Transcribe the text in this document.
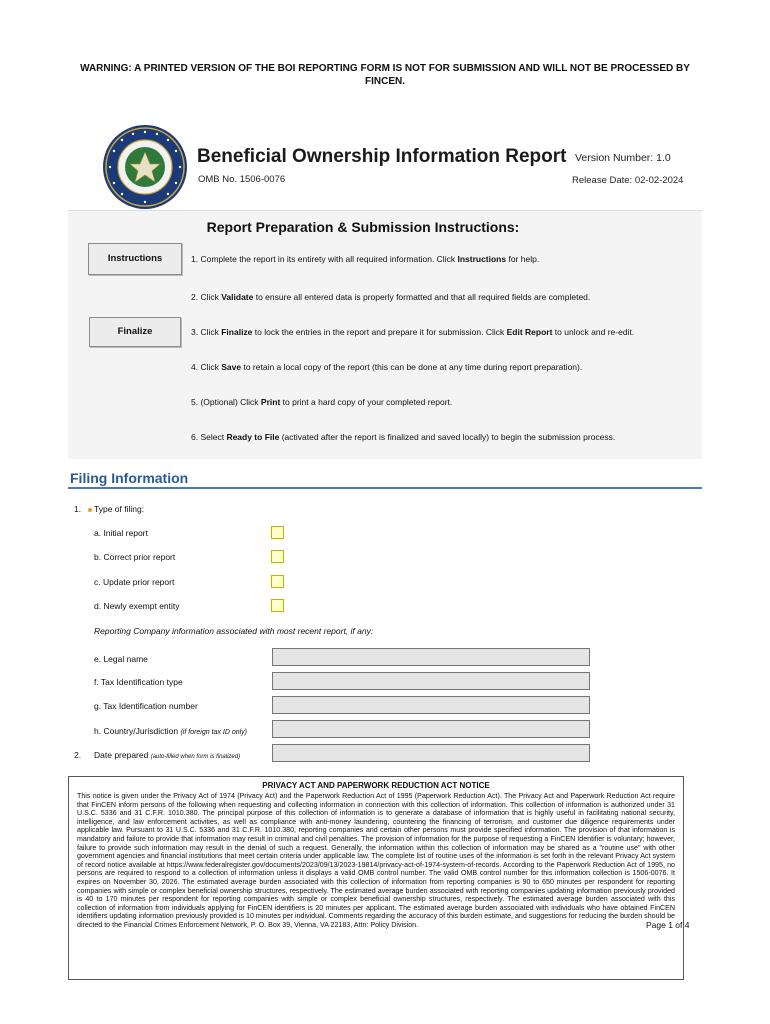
WARNING: A PRINTED VERSION OF THE BOI REPORTING FORM IS NOT FOR SUBMISSION AND WILL NOT BE PROCESSED BY FINCEN.
Beneficial Ownership Information Report
OMB No. 1506-0076
Version Number: 1.0
Release Date: 02-02-2024
Report Preparation & Submission Instructions:
Instructions
Finalize
1. Complete the report in its entirety with all required information. Click Instructions for help.
2. Click Validate to ensure all entered data is properly formatted and that all required fields are completed.
3. Click Finalize to lock the entries in the report and prepare it for submission. Click Edit Report to unlock and re-edit.
4. Click Save to retain a local copy of the report (this can be done at any time during report preparation).
5. (Optional) Click Print to print a hard copy of your completed report.
6. Select Ready to File (activated after the report is finalized and saved locally) to begin the submission process.
Filing Information
1.	Type of filing:
a. Initial report
b. Correct prior report
c. Update prior report
d. Newly exempt entity
Reporting Company information associated with most recent report, if any:
e. Legal name
f. Tax Identification type
g. Tax Identification number
h. Country/Jurisdiction (if foreign tax ID only)
2. Date prepared (auto-filled when form is finalized)
PRIVACY ACT AND PAPERWORK REDUCTION ACT NOTICE
This notice is given under the Privacy Act of 1974 (Privacy Act) and the Paperwork Reduction Act of 1995 (Paperwork Reduction Act). The Privacy Act and Paperwork Reduction Act require that FinCEN inform persons of the following when requesting and collecting information in connection with this collection of information. This collection of information is authorized under 31 U.S.C. 5336 and 31 C.F.R. 1010.380. The principal purpose of this collection of information is to generate a database of information that is highly useful in facilitating national security, intelligence, and law enforcement activities, as well as compliance with anti-money laundering, countering the financing of terrorism, and customer due diligence requirements under applicable law. Pursuant to 31 U.S.C. 5336 and 31 C.F.R. 1010.380, reporting companies and certain other persons must provide specified information. The provision of that information is mandatory and failure to provide that information may result in criminal and civil penalties. The provision of information for the purpose of requesting a FinCEN Identifier is voluntary; however, failure to provide such information may result in the denial of such a request. Generally, the information within this collection of information may be shared as a "routine use" with other government agencies and financial institutions that meet certain criteria under applicable law. The complete list of routine uses of the information is set forth in the relevant Privacy Act system of record notice available at https://www.federalregister.gov/documents/2023/09/13/2023-19814/privacy-act-of-1974-system-of-records. According to the Paperwork Reduction Act of 1995, no persons are required to respond to a collection of information unless it displays a valid OMB control number. The valid OMB control number for this information collection is 1506-0076. It expires on November 30, 2026. The estimated average burden associated with this collection of information from reporting companies is 90 to 650 minutes per respondent for reporting companies with simple or complex beneficial ownership structures, respectively. The estimated average burden associated with reporting companies updating information previously provided is 40 to 170 minutes per respondent for reporting companies with simple or complex beneficial ownership structures, respectively. The estimated average burden associated with this collection of information from individuals applying for FinCEN identifiers is 20 minutes per applicant. The estimated average burden associated with individuals who have obtained FinCEN identifiers updating information previously provided is 10 minutes per individual. Comments regarding the accuracy of this burden estimate, and suggestions for reducing the burden should be directed to the Financial Crimes Enforcement Network, P. O. Box 39, Vienna, VA 22183, Attn: Policy Division.	Page 1 of 4
